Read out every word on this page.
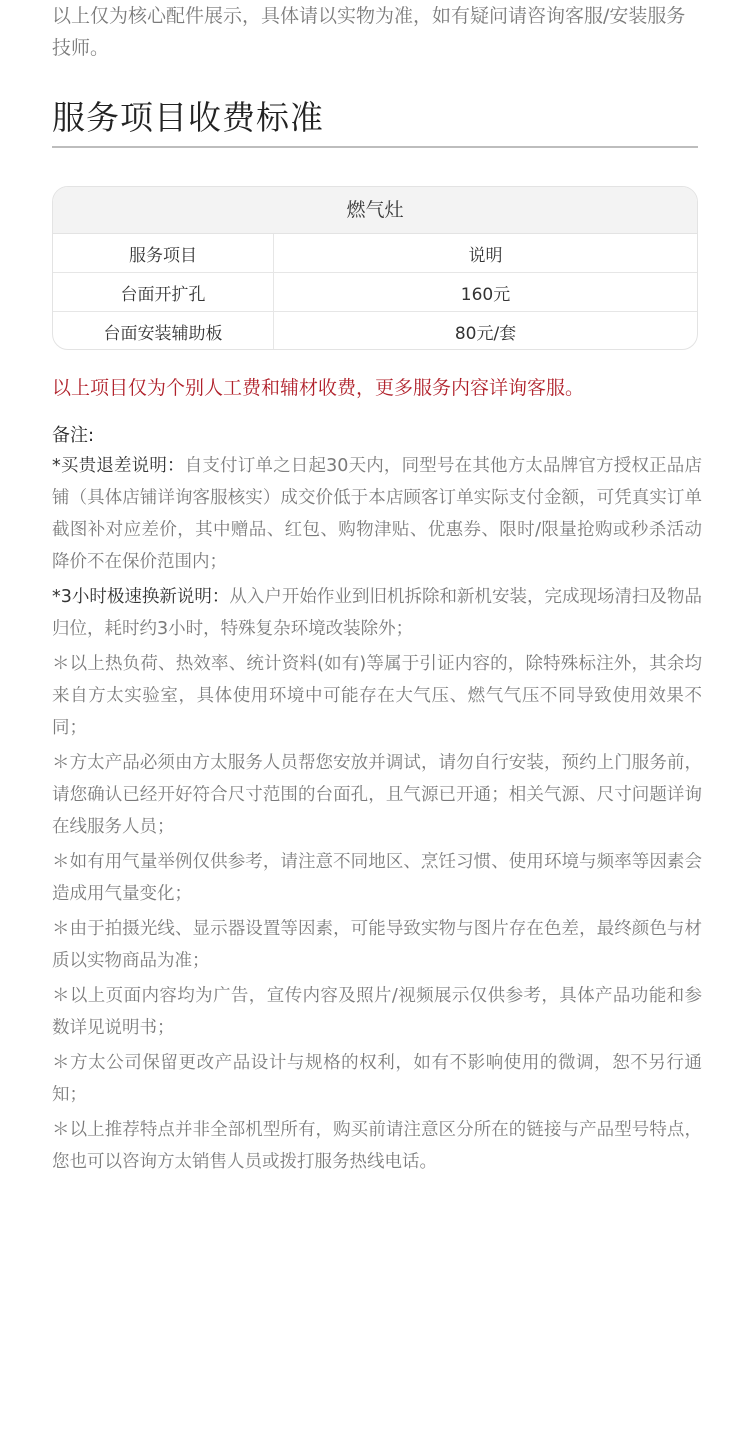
以上仅为核心配件展示，具体请以实物为准，如有疑问请咨询客服/安装服务技师。

服务项目收费标准
燃气灶
服务项目	说明
台面开扩孔	160元
台面安装辅助板	80元/套

以上项目仅为个别人工费和辅材收费，更多服务内容详询客服。

备注:

*买贵退差说明：自支付订单之日起30天内，同型号在其他方太品牌官方授权正品店铺（具体店铺详询客服核实）成交价低于本店顾客订单实际支付金额，可凭真实订单截图补对应差价，其中赠品、红包、购物津贴、优惠券、限时/限量抢购或秒杀活动降价不在保价范围内；
*3小时极速换新说明：从入户开始作业到旧机拆除和新机安装，完成现场清扫及物品归位，耗时约3小时，特殊复杂环境改装除外；
＊以上热负荷、热效率、统计资料(如有)等属于引证内容的，除特殊标注外，其余均来自方太实验室，具体使用环境中可能存在大气压、燃气气压不同导致使用效果不同；
＊方太产品必须由方太服务人员帮您安放并调试，请勿自行安装，预约上门服务前，请您确认已经开好符合尺寸范围的台面孔，且气源已开通；相关气源、尺寸问题详询在线服务人员；
＊如有用气量举例仅供参考，请注意不同地区、烹饪习惯、使用环境与频率等因素会造成用气量变化；
＊由于拍摄光线、显示器设置等因素，可能导致实物与图片存在色差，最终颜色与材质以实物商品为准；
＊以上页面内容均为广告，宣传内容及照片/视频展示仅供参考，具体产品功能和参数详见说明书；
＊方太公司保留更改产品设计与规格的权利，如有不影响使用的微调，恕不另行通知；
＊以上推荐特点并非全部机型所有，购买前请注意区分所在的链接与产品型号特点，您也可以咨询方太销售人员或拨打服务热线电话。
